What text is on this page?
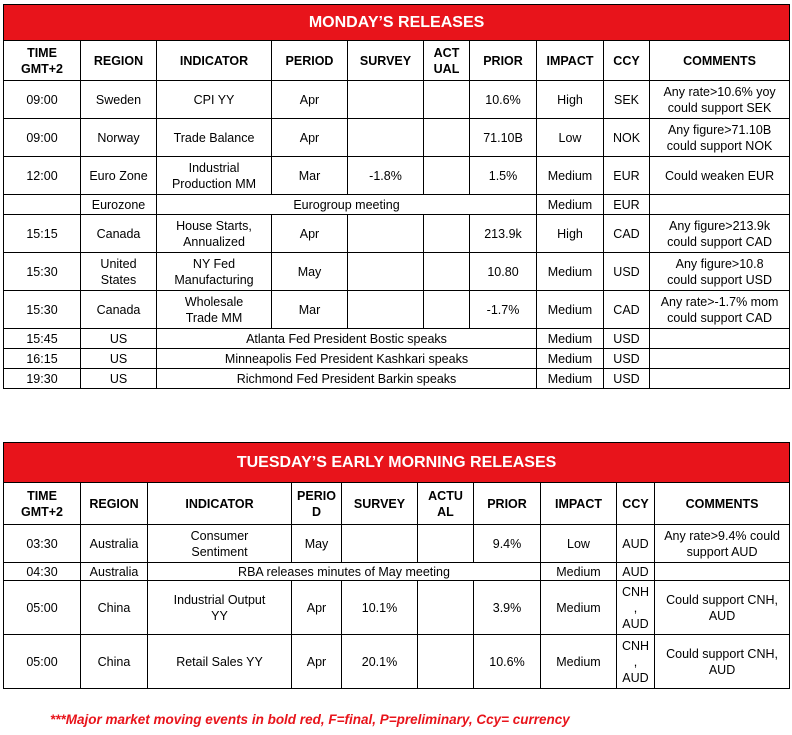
MONDAY’S RELEASES									
TIME
GMT+2	REGION	INDICATOR	PERIOD	SURVEY	ACT
UAL	PRIOR	IMPACT	CCY	COMMENTS
09:00	Sweden	CPI YY	Apr			10.6%	High	SEK	Any rate>10.6% yoy
could support SEK
09:00	Norway	Trade Balance	Apr			71.10B	Low	NOK	Any figure>71.10B
could support NOK
12:00	Euro Zone	Industrial
Production MM	Mar	-1.8%		1.5%	Medium	EUR	Could weaken EUR
	Eurozone	Eurogroup meeting					Medium	EUR	
15:15	Canada	House Starts,
Annualized	Apr			213.9k	High	CAD	Any figure>213.9k
could support CAD
15:30	United
States	NY Fed
Manufacturing	May			10.80	Medium	USD	Any figure>10.8
could support USD
15:30	Canada	Wholesale
Trade MM	Mar			-1.7%	Medium	CAD	Any rate>-1.7% mom
could support CAD
15:45	US	Atlanta Fed President Bostic speaks					Medium	USD	
16:15	US	Minneapolis Fed President Kashkari speaks					Medium	USD	
19:30	US	Richmond Fed President Barkin speaks					Medium	USD	
TUESDAY’S EARLY MORNING RELEASES									
TIME
GMT+2	REGION	INDICATOR	PERIO
D	SURVEY	ACTU
AL	PRIOR	IMPACT	CCY	COMMENTS
03:30	Australia	Consumer
Sentiment	May			9.4%	Low	AUD	Any rate>9.4% could
support AUD
04:30	Australia	RBA releases minutes of May meeting					Medium	AUD	
05:00	China	Industrial Output
YY	Apr	10.1%		3.9%	Medium	CNH
,
AUD	Could support CNH,
AUD
05:00	China	Retail Sales YY	Apr	20.1%		10.6%	Medium	CNH
,
AUD	Could support CNH,
AUD
***Major market moving events in bold red, F=final, P=preliminary, Ccy= currency
